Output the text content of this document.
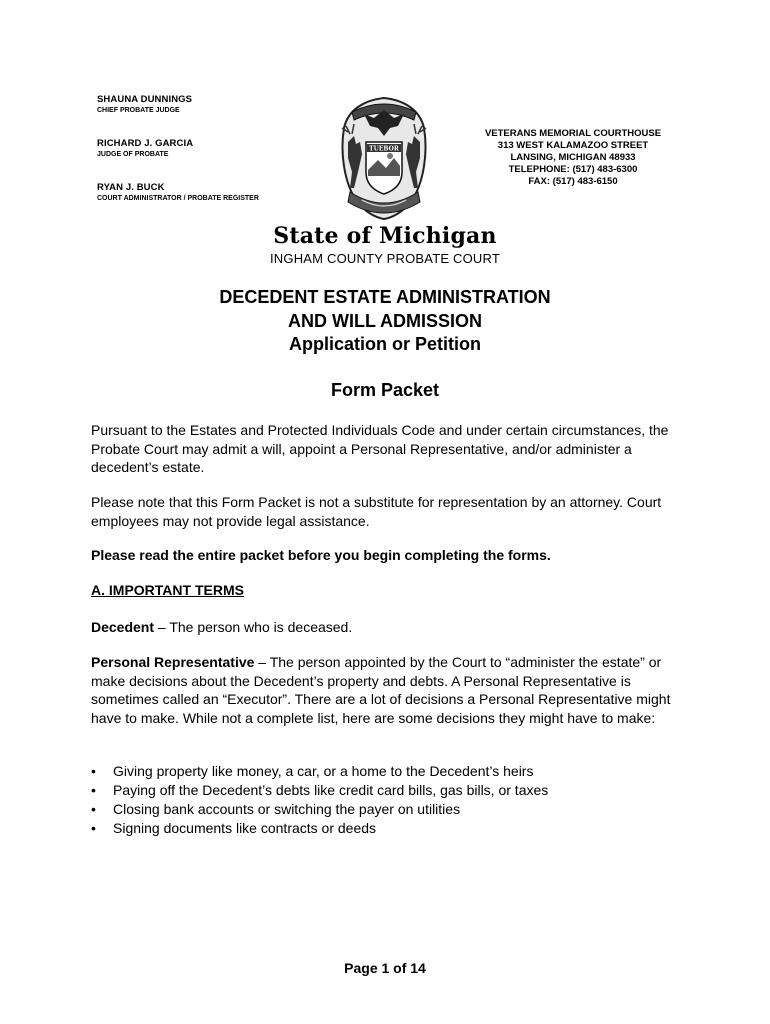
SHAUNA DUNNINGS
CHIEF PROBATE JUDGE
RICHARD J. GARCIA
JUDGE OF PROBATE
RYAN J. BUCK
COURT ADMINISTRATOR / PROBATE REGISTER
TUEBOR
VETERANS MEMORIAL COURTHOUSE
313 WEST KALAMAZOO STREET
LANSING, MICHIGAN 48933
TELEPHONE: (517) 483-6300
FAX: (517) 483-6150
State of Michigan
INGHAM COUNTY PROBATE COURT
DECEDENT ESTATE ADMINISTRATION
AND WILL ADMISSION
Application or Petition
Form Packet
Pursuant to the Estates and Protected Individuals Code and under certain circumstances, the Probate Court may admit a will, appoint a Personal Representative, and/or administer a decedent’s estate.
Please note that this Form Packet is not a substitute for representation by an attorney. Court employees may not provide legal assistance.
Please read the entire packet before you begin completing the forms.
A. IMPORTANT TERMS
Decedent – The person who is deceased.
Personal Representative – The person appointed by the Court to “administer the estate” or make decisions about the Decedent’s property and debts. A Personal Representative is sometimes called an “Executor”. There are a lot of decisions a Personal Representative might have to make. While not a complete list, here are some decisions they might have to make:
• Giving property like money, a car, or a home to the Decedent’s heirs
• Paying off the Decedent’s debts like credit card bills, gas bills, or taxes
• Closing bank accounts or switching the payer on utilities
• Signing documents like contracts or deeds
Page 1 of 14
